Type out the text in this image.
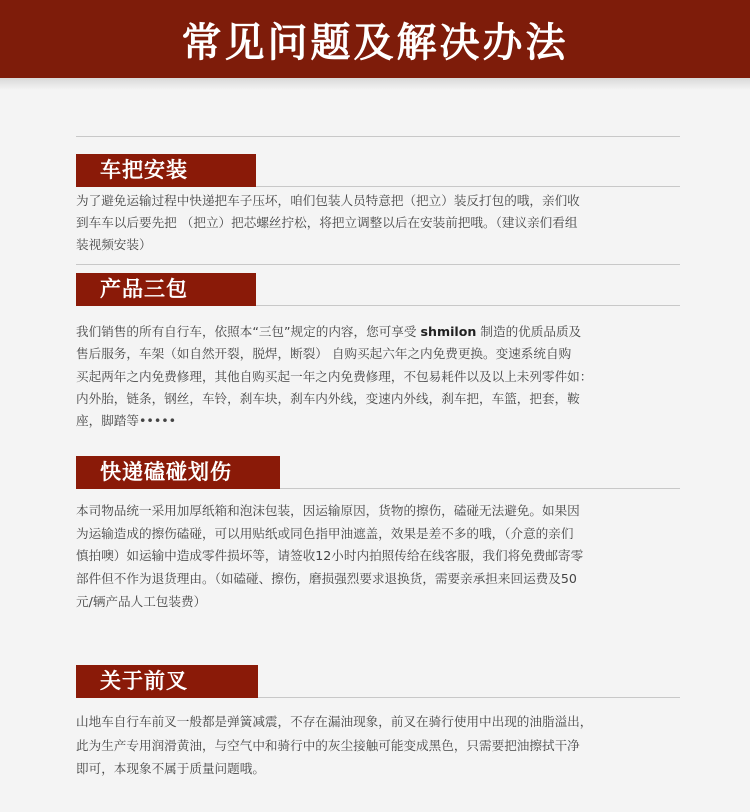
常见问题及解决办法
车把安装
为了避免运输过程中快递把车子压坏，咱们包装人员特意把（把立）装反打包的哦，亲们收
到车车以后要先把 （把立）把芯螺丝拧松，将把立调整以后在安装前把哦。（建议亲们看组
装视频安装）
产品三包
我们销售的所有自行车，依照本“三包”规定的内容，您可享受 shmilon 制造的优质品质及
售后服务，车架（如自然开裂，脱焊，断裂） 自购买起六年之内免费更换。变速系统自购
买起两年之内免费修理，其他自购买起一年之内免费修理，不包易耗件以及以上未列零件如：
内外胎，链条，钢丝，车铃，刹车块，刹车内外线，变速内外线，刹车把，车篮，把套，鞍
座，脚踏等•••••
快递磕碰划伤
本司物品统一采用加厚纸箱和泡沫包装，因运输原因，货物的擦伤，磕碰无法避免。如果因
为运输造成的擦伤磕碰，可以用贴纸或同色指甲油遮盖，效果是差不多的哦，（介意的亲们
慎拍噢）如运输中造成零件损坏等，请签收12小时内拍照传给在线客服，我们将免费邮寄零
部件但不作为退货理由。（如磕碰、擦伤，磨损强烈要求退换货，需要亲承担来回运费及50
元/辆产品人工包装费）
关于前叉
山地车自行车前叉一般都是弹簧减震，不存在漏油现象，前叉在骑行使用中出现的油脂溢出，
此为生产专用润滑黄油，与空气中和骑行中的灰尘接触可能变成黑色，只需要把油擦拭干净
即可，本现象不属于质量问题哦。
